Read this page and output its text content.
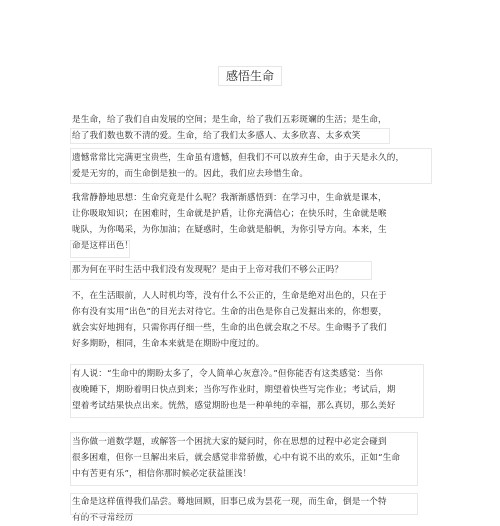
感悟生命
是生命，给了我们自由发展的空间；是生命，给了我们五彩斑斓的生活；是生命，
给了我们数也数不清的爱。生命，给了我们太多感人、太多欣喜、太多欢笑
遗憾常常比完满更宝贵些，生命虽有遗憾，但我们不可以放弃生命，由于天是永久的，
爱是无穷的，而生命倒是独一的。因此，我们应去珍惜生命。
我常静静地思想：生命究竟是什么呢？我渐渐感悟到：在学习中，生命就是课本，
让你吸取知识；在困难时，生命就是护盾，让你充满信心；在快乐时，生命就是喉
咙队，为你喝采，为你加油；在疑惑时，生命就是船帆，为你引导方向。本来，生
命是这样出色！
那为何在平时生活中我们没有发现呢？是由于上帝对我们不够公正吗？
不，在生活眼前，人人时机均等，没有什么不公正的，生命是绝对出色的，只在于
你有没有实用“出色”的目光去对待它。生命的出色是你自己发掘出来的，你想要，
就会实好地拥有，只需你再仔细一些，生命的出色就会取之不尽。生命赐予了我们
好多期盼，相同，生命本来就是在期盼中度过的。
有人说：“生命中的期盼太多了，令人简单心灰意冷。”但你能否有这类感觉：当你
夜晚睡下，期盼着明日快点到来；当你写作业时，期望着快些写完作业；考试后，期
望着考试结果快点出来。恍然，感觉期盼也是一种单纯的幸福，那么真切，那么美好
当你做一道数学题，或解答一个困扰大家的疑问时，你在思想的过程中必定会碰到
很多困难，但你一旦解出来后，就会感觉非常骄傲，心中有说不出的欢乐，正如“生命
中有苦更有乐”，相信你那时候必定获益匪浅！
生命是这样值得我们品尝。蓦地回顾，旧事已成为昙花一现，而生命，倒是一个特
有的不寻常经历
